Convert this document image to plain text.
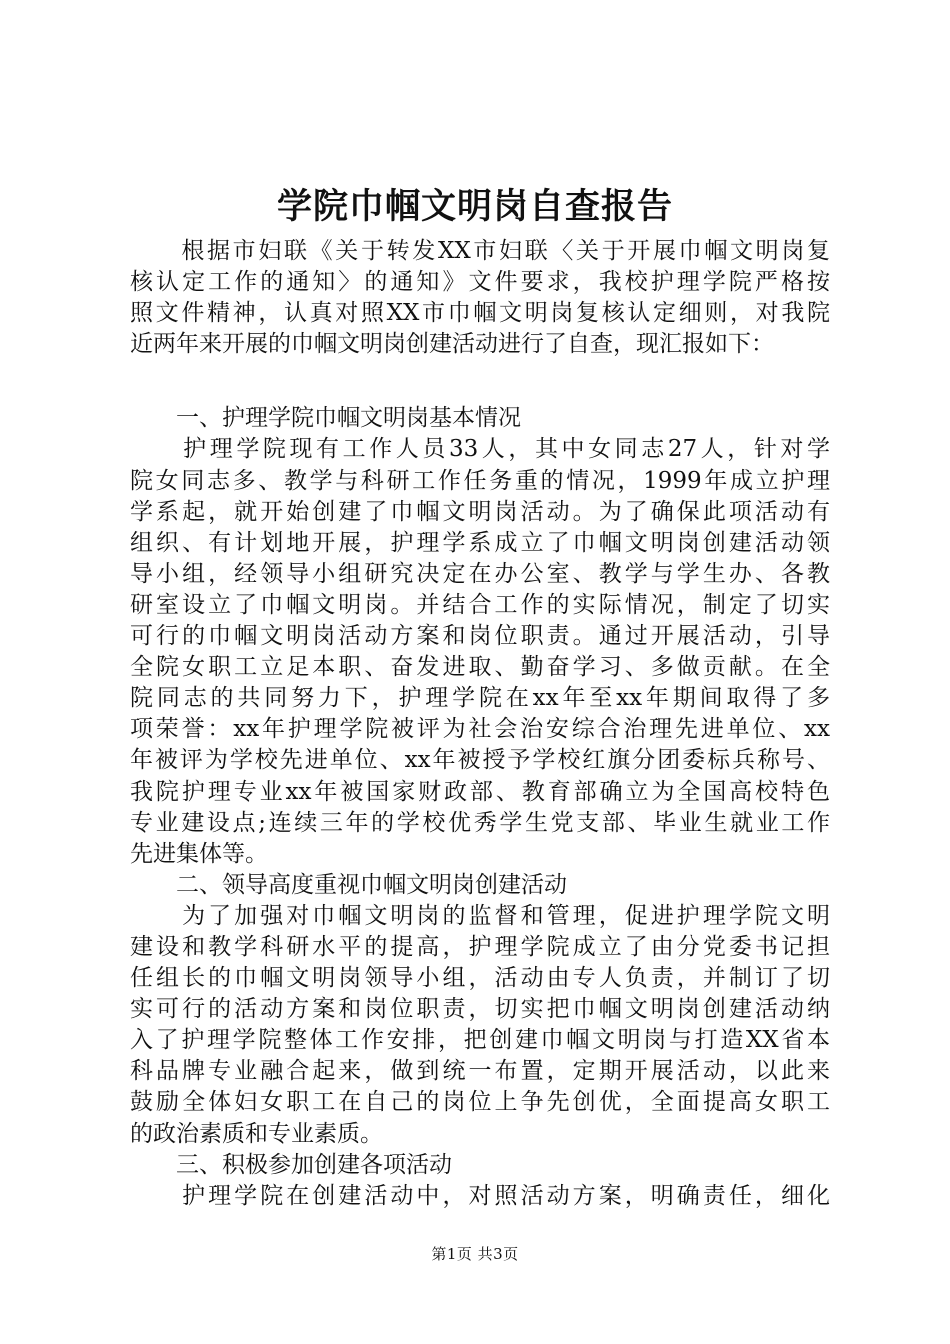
学院巾帼文明岗自查报告
　　根据市妇联《关于转发XX市妇联〈关于开展巾帼文明岗复
核认定工作的通知〉的通知》文件要求，我校护理学院严格按
照文件精神，认真对照XX市巾帼文明岗复核认定细则，对我院
近两年来开展的巾帼文明岗创建活动进行了自查，现汇报如下：
　　一、护理学院巾帼文明岗基本情况
　　护理学院现有工作人员33人，其中女同志27人，针对学
院女同志多、教学与科研工作任务重的情况，1999年成立护理
学系起，就开始创建了巾帼文明岗活动。为了确保此项活动有
组织、有计划地开展，护理学系成立了巾帼文明岗创建活动领
导小组，经领导小组研究决定在办公室、教学与学生办、各教
研室设立了巾帼文明岗。并结合工作的实际情况，制定了切实
可行的巾帼文明岗活动方案和岗位职责。通过开展活动，引导
全院女职工立足本职、奋发进取、勤奋学习、多做贡献。在全
院同志的共同努力下，护理学院在xx年至xx年期间取得了多
项荣誉：xx年护理学院被评为社会治安综合治理先进单位、xx
年被评为学校先进单位、xx年被授予学校红旗分团委标兵称号、
我院护理专业xx年被国家财政部、教育部确立为全国高校特色
专业建设点;连续三年的学校优秀学生党支部、毕业生就业工作
先进集体等。
　　二、领导高度重视巾帼文明岗创建活动
　　为了加强对巾帼文明岗的监督和管理，促进护理学院文明
建设和教学科研水平的提高，护理学院成立了由分党委书记担
任组长的巾帼文明岗领导小组，活动由专人负责，并制订了切
实可行的活动方案和岗位职责，切实把巾帼文明岗创建活动纳
入了护理学院整体工作安排，把创建巾帼文明岗与打造XX省本
科品牌专业融合起来，做到统一布置，定期开展活动，以此来
鼓励全体妇女职工在自己的岗位上争先创优，全面提高女职工
的政治素质和专业素质。
　　三、积极参加创建各项活动
　　护理学院在创建活动中，对照活动方案，明确责任，细化
第1页 共3页
